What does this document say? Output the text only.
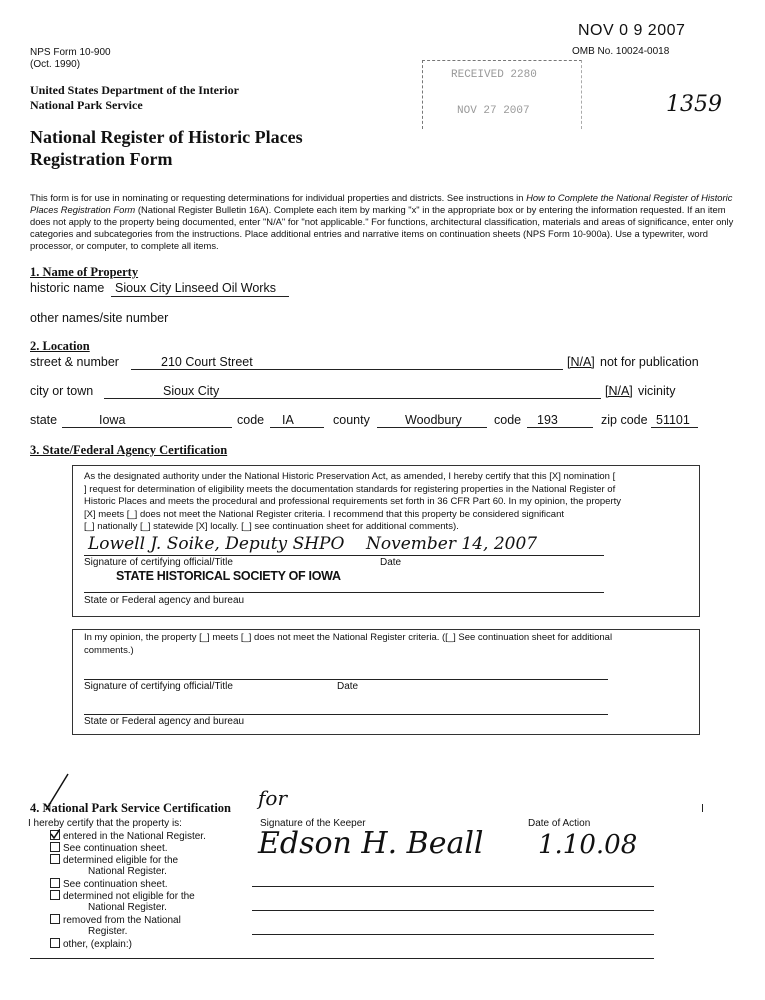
NOV 0 9 2007
OMB No. 10024-0018
NPS Form 10-900
(Oct. 1990)
RECEIVED 2280
NOV 27 2007	1359
United States Department of the Interior
National Park Service
National Register of Historic Places
Registration Form
This form is for use in nominating or requesting determinations for individual properties and districts. See instructions in How to Complete the National Register of Historic Places Registration Form (National Register Bulletin 16A). Complete each item by marking "x" in the appropriate box or by entering the information requested. If an item does not apply to the property being documented, enter "N/A" for "not applicable." For functions, architectural classification, materials and areas of significance, enter only categories and subcategories from the instructions. Place additional entries and narrative items on continuation sheets (NPS Form 10-900a). Use a typewriter, word processor, or computer, to complete all items.
1. Name of Property
historic name Sioux City Linseed Oil Works
other names/site number
2. Location
street & number	210 Court Street	[N/A] not for publication
city or town	Sioux City	[N/A] vicinity
state	Iowa	code IA	county	Woodbury	code 193	zip code 51101
3. State/Federal Agency Certification
As the designated authority under the National Historic Preservation Act, as amended, I hereby certify that this [X] nomination [
] request for determination of eligibility meets the documentation standards for registering properties in the National Register of
Historic Places and meets the procedural and professional requirements set forth in 36 CFR Part 60. In my opinion, the property
[X] meets [_] does not meet the National Register criteria. I recommend that this property be considered significant
[_] nationally [_] statewide [X] locally. [_] see continuation sheet for additional comments).
Lowell J. Soike, Deputy SHPO    November 14, 2007
Signature of certifying official/Title	Date
STATE HISTORICAL SOCIETY OF IOWA
State or Federal agency and bureau
In my opinion, the property [_] meets [_] does not meet the National Register criteria. ([_] See continuation sheet for additional
comments.)
Signature of certifying official/Title	Date
State or Federal agency and bureau
4. National Park Service Certification for
I hereby certify that the property is:
entered in the National Register.
See continuation sheet.
determined eligible for the
National Register.
See continuation sheet.
determined not eligible for the
National Register.
removed from the National
Register.
other, (explain:)
Signature of the Keeper	Date of Action
Edson H. Beall 1.10.08
